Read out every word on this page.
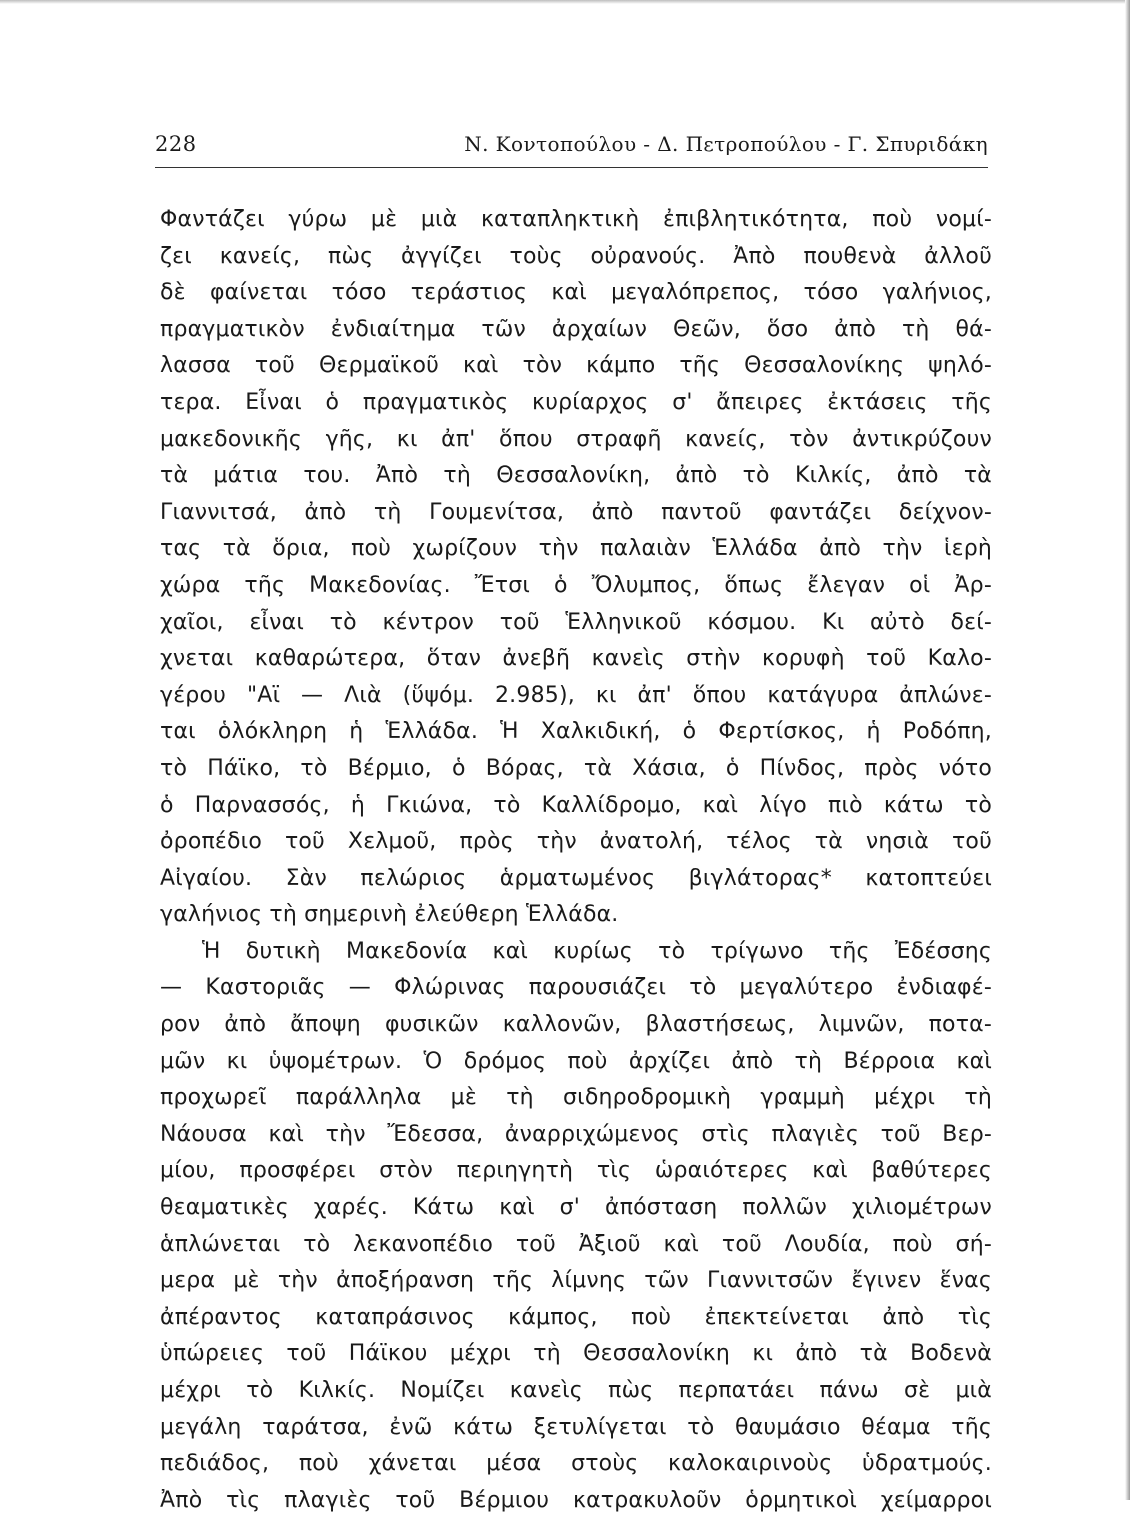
228	Ν. Κοντοπούλου - Δ. Πετροπούλου - Γ. Σπυριδάκη
Φαντάζει γύρω μὲ μιὰ καταπληκτικὴ ἐπιβλητικότητα, ποὺ νομί-
ζει κανείς, πὼς ἀγγίζει τοὺς οὐρανούς. Ἀπὸ πουθενὰ ἀλλοῦ
δὲ φαίνεται τόσο τεράστιος καὶ μεγαλόπρεπος, τόσο γαλήνιος,
πραγματικὸν ἐνδιαίτημα τῶν ἀρχαίων Θεῶν, ὅσο ἀπὸ τὴ θά-
λασσα τοῦ Θερμαϊκοῦ καὶ τὸν κάμπο τῆς Θεσσαλονίκης ψηλό-
τερα. Εἶναι ὁ πραγματικὸς κυρίαρχος σ' ἄπειρες ἐκτάσεις τῆς
μακεδονικῆς γῆς, κι ἀπ' ὅπου στραφῆ κανείς, τὸν ἀντικρύζουν
τὰ μάτια του. Ἀπὸ τὴ Θεσσαλονίκη, ἀπὸ τὸ Κιλκίς, ἀπὸ τὰ
Γιαννιτσά, ἀπὸ τὴ Γουμενίτσα, ἀπὸ παντοῦ φαντάζει δείχνον-
τας τὰ ὅρια, ποὺ χωρίζουν τὴν παλαιὰν Ἑλλάδα ἀπὸ τὴν ἱερὴ
χώρα τῆς Μακεδονίας. Ἔτσι ὁ Ὄλυμπος, ὅπως ἔλεγαν οἱ Ἀρ-
χαῖοι, εἶναι τὸ κέντρον τοῦ Ἑλληνικοῦ κόσμου. Κι αὐτὸ δεί-
χνεται καθαρώτερα, ὅταν ἀνεβῆ κανεὶς στὴν κορυφὴ τοῦ Καλο-
γέρου "Αϊ — Λιὰ (ὕψόμ. 2.985), κι ἀπ' ὅπου κατάγυρα ἀπλώνε-
ται ὁλόκληρη ἡ Ἑλλάδα. Ἡ Χαλκιδική, ὁ Φερτίσκος, ἡ Ροδόπη,
τὸ Πάϊκο, τὸ Βέρμιο, ὁ Βόρας, τὰ Χάσια, ὁ Πίνδος, πρὸς νότο
ὁ Παρνασσός, ἡ Γκιώνα, τὸ Καλλίδρομο, καὶ λίγο πιὸ κάτω τὸ
ὀροπέδιο τοῦ Χελμοῦ, πρὸς τὴν ἀνατολή, τέλος τὰ νησιὰ τοῦ
Αἰγαίου. Σὰν πελώριος ἁρματωμένος βιγλάτορας* κατοπτεύει
γαλήνιος τὴ σημερινὴ ἐλεύθερη Ἑλλάδα.
Ἡ δυτικὴ Μακεδονία καὶ κυρίως τὸ τρίγωνο τῆς Ἐδέσσης
— Καστοριᾶς — Φλώρινας παρουσιάζει τὸ μεγαλύτερο ἐνδιαφέ-
ρον ἀπὸ ἄποψη φυσικῶν καλλονῶν, βλαστήσεως, λιμνῶν, ποτα-
μῶν κι ὑψομέτρων. Ὁ δρόμος ποὺ ἀρχίζει ἀπὸ τὴ Βέρροια καὶ
προχωρεῖ παράλληλα μὲ τὴ σιδηροδρομικὴ γραμμὴ μέχρι τὴ
Νάουσα καὶ τὴν Ἔδεσσα, ἀναρριχώμενος στὶς πλαγιὲς τοῦ Βερ-
μίου, προσφέρει στὸν περιηγητὴ τὶς ὡραιότερες καὶ βαθύτερες
θεαματικὲς χαρές. Κάτω καὶ σ' ἀπόσταση πολλῶν χιλιομέτρων
ἁπλώνεται τὸ λεκανοπέδιο τοῦ Ἀξιοῦ καὶ τοῦ Λουδία, ποὺ σή-
μερα μὲ τὴν ἀποξήρανση τῆς λίμνης τῶν Γιαννιτσῶν ἔγινεν ἕνας
ἀπέραντος καταπράσινος κάμπος, ποὺ ἐπεκτείνεται ἀπὸ τὶς
ὑπώρειες τοῦ Πάϊκου μέχρι τὴ Θεσσαλονίκη κι ἀπὸ τὰ Βοδενὰ
μέχρι τὸ Κιλκίς. Νομίζει κανεὶς πὼς περπατάει πάνω σὲ μιὰ
μεγάλη ταράτσα, ἐνῶ κάτω ξετυλίγεται τὸ θαυμάσιο θέαμα τῆς
πεδιάδος, ποὺ χάνεται μέσα στοὺς καλοκαιρινοὺς ὑδρατμούς.
Ἀπὸ τὶς πλαγιὲς τοῦ Βέρμιου κατρακυλοῦν ὁρμητικοὶ χείμαρροι
